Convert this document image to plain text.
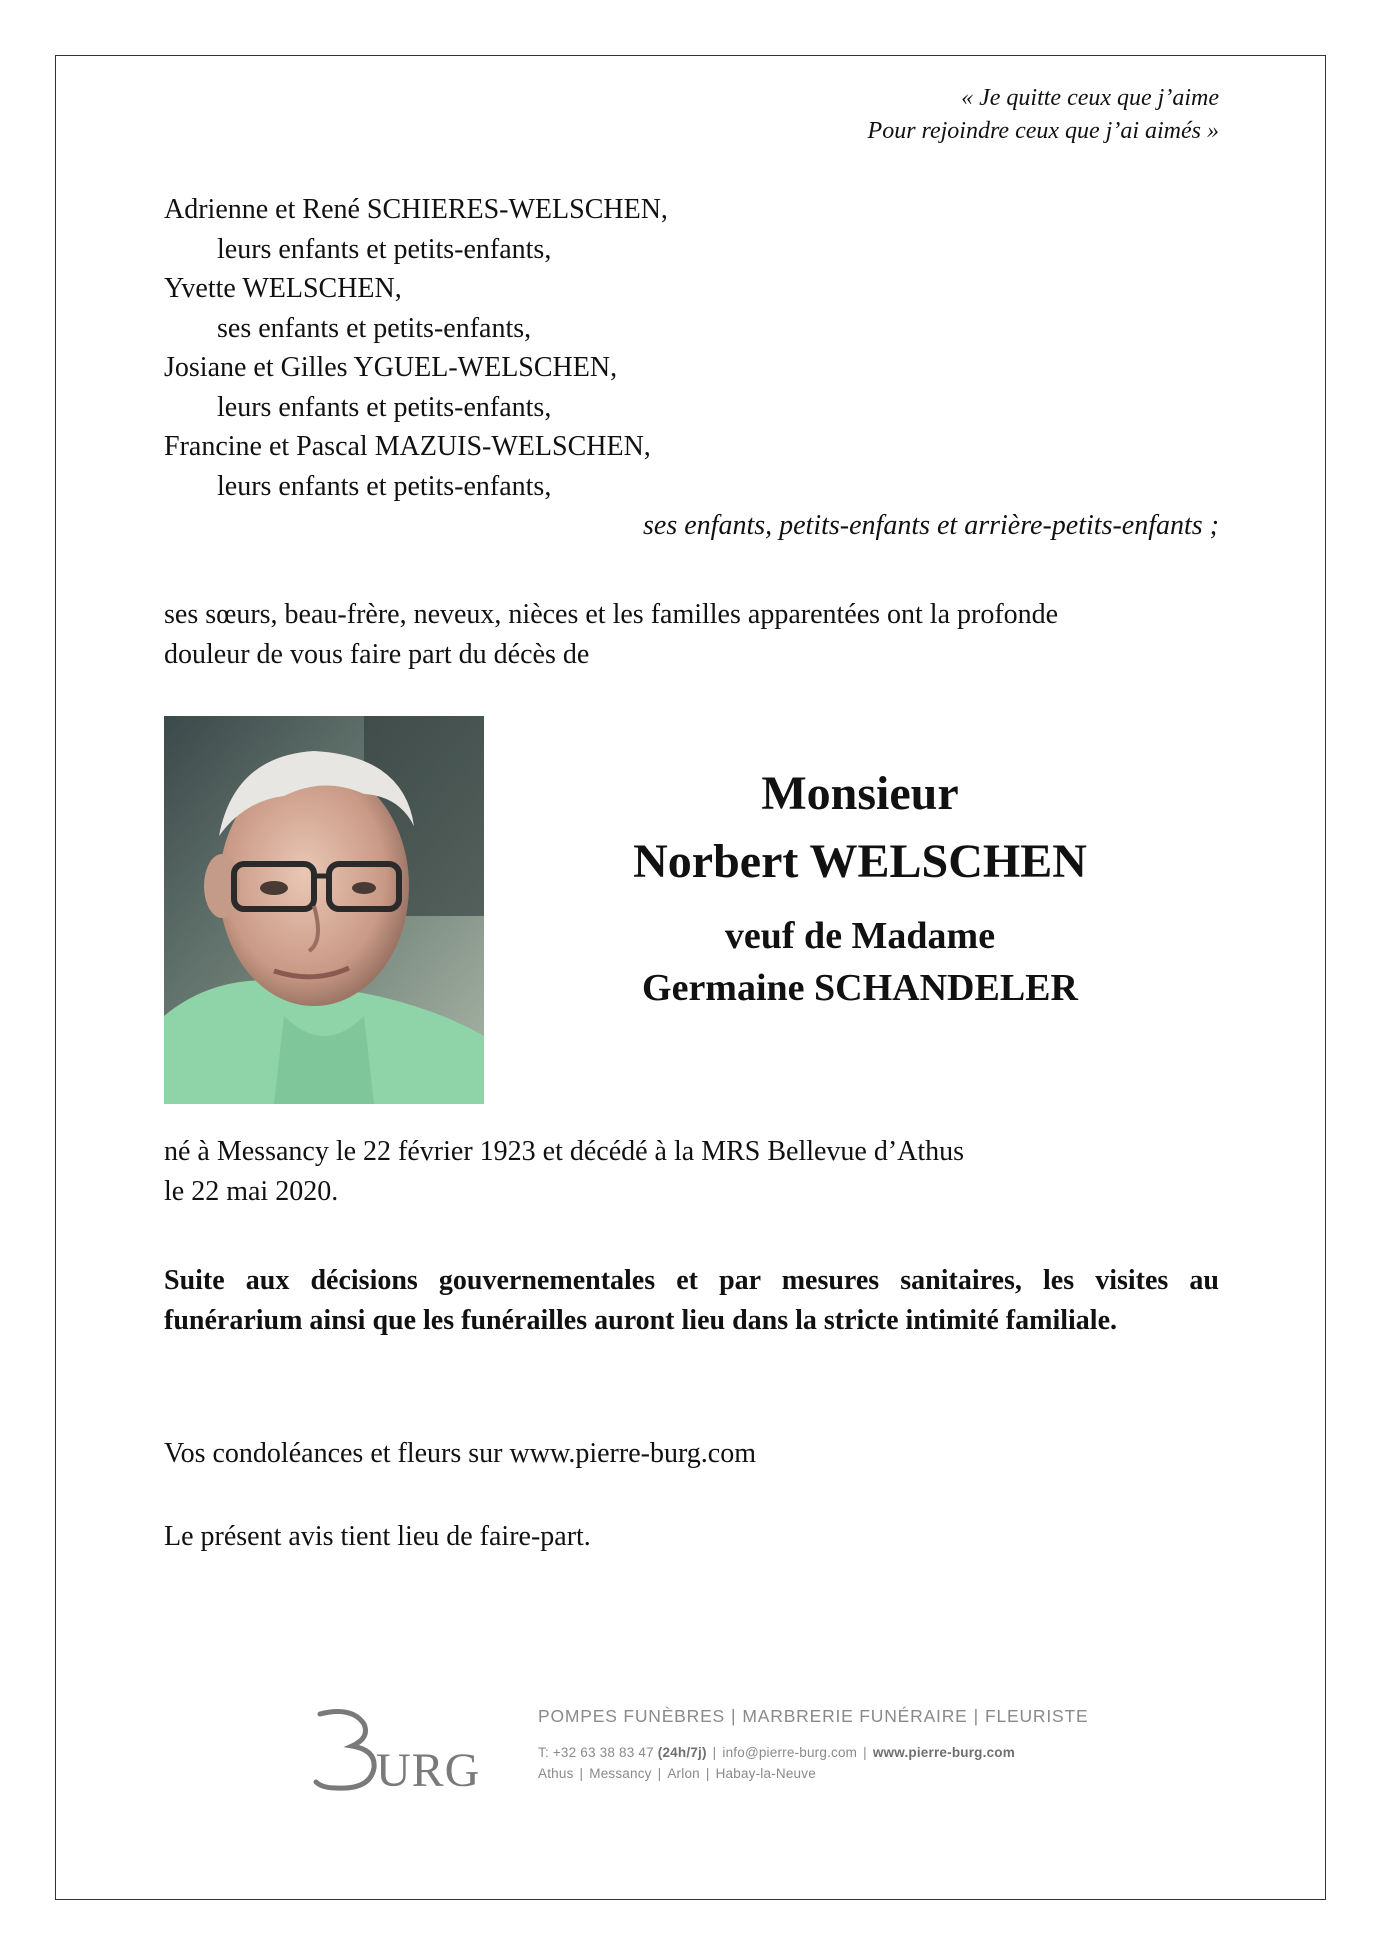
« Je quitte ceux que j’aime
Pour rejoindre ceux que j’ai aimés »
Adrienne et René SCHIERES-WELSCHEN,
leurs enfants et petits-enfants,
Yvette WELSCHEN,
ses enfants et petits-enfants,
Josiane et Gilles YGUEL-WELSCHEN,
leurs enfants et petits-enfants,
Francine et Pascal MAZUIS-WELSCHEN,
leurs enfants et petits-enfants,
ses enfants, petits-enfants et arrière-petits-enfants ;
ses sœurs, beau-frère, neveux, nièces et les familles apparentées ont la profonde
douleur de vous faire part du décès de
Monsieur
Norbert WELSCHEN
veuf de Madame
Germaine SCHANDELER
né à Messancy le 22 février 1923 et décédé à la MRS Bellevue d’Athus
le 22 mai 2020.
Suite aux décisions gouvernementales et par mesures sanitaires, les visites au funérarium ainsi que les funérailles auront lieu dans la stricte intimité familiale.
Vos condoléances et fleurs sur www.pierre-burg.com
Le présent avis tient lieu de faire-part.
URG
POMPES FUNÈBRES | MARBRERIE FUNÉRAIRE | FLEURISTE
T: +32 63 38 83 47 (24h/7j) | info@pierre-burg.com | www.pierre-burg.com
Athus | Messancy | Arlon | Habay-la-Neuve
